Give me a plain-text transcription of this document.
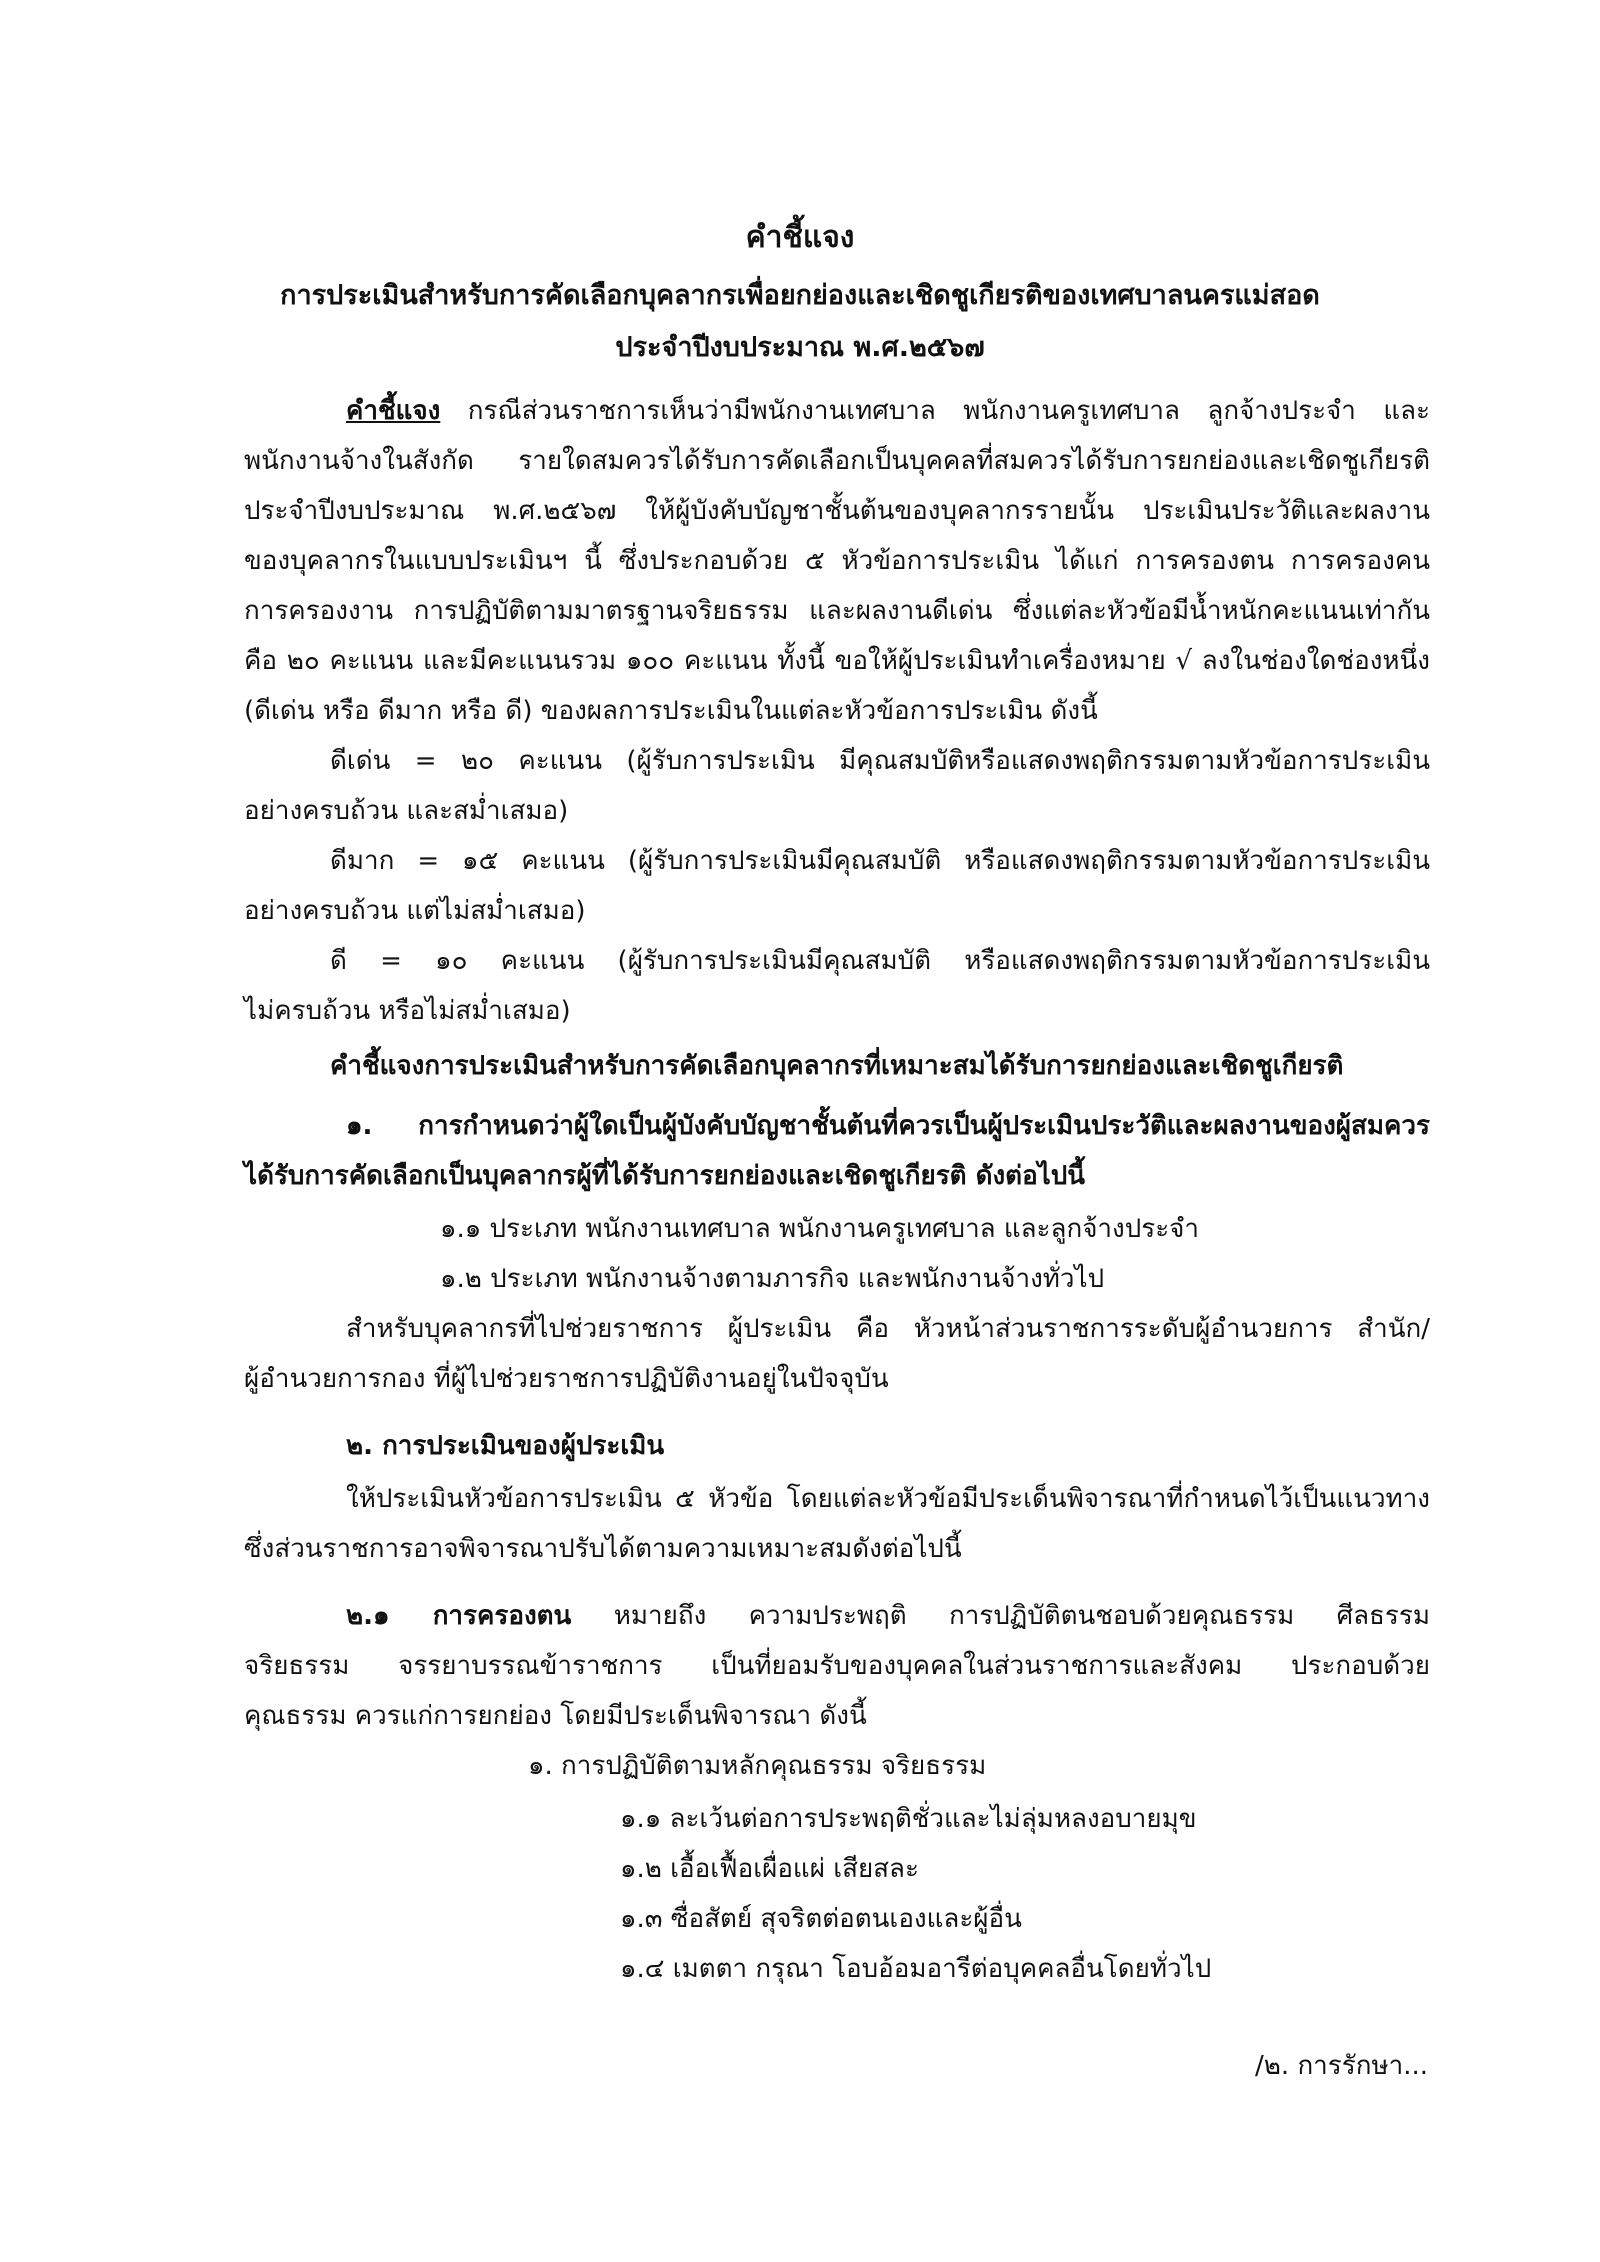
คำชี้แจง
การประเมินสำหรับการคัดเลือกบุคลากรเพื่อยกย่องและเชิดชูเกียรติของเทศบาลนครแม่สอด
ประจำปีงบประมาณ พ.ศ.๒๕๖๗
คำชี้แจง กรณีส่วนราชการเห็นว่ามีพนักงานเทศบาล พนักงานครูเทศบาล ลูกจ้างประจำ และ
พนักงานจ้างในสังกัด รายใดสมควรได้รับการคัดเลือกเป็นบุคคลที่สมควรได้รับการยกย่องและเชิดชูเกียรติ
ประจำปีงบประมาณ พ.ศ.๒๕๖๗ ให้ผู้บังคับบัญชาชั้นต้นของบุคลากรรายนั้น ประเมินประวัติและผลงาน
ของบุคลากรในแบบประเมินฯ นี้ ซึ่งประกอบด้วย ๕ หัวข้อการประเมิน ได้แก่ การครองตน การครองคน
การครองงาน การปฏิบัติตามมาตรฐานจริยธรรม และผลงานดีเด่น ซึ่งแต่ละหัวข้อมีน้ำหนักคะแนนเท่ากัน
คือ ๒๐ คะแนน และมีคะแนนรวม ๑๐๐ คะแนน ทั้งนี้ ขอให้ผู้ประเมินทำเครื่องหมาย √ ลงในช่องใดช่องหนึ่ง
(ดีเด่น หรือ ดีมาก หรือ ดี) ของผลการประเมินในแต่ละหัวข้อการประเมิน ดังนี้
ดีเด่น = ๒๐ คะแนน (ผู้รับการประเมิน มีคุณสมบัติหรือแสดงพฤติกรรมตามหัวข้อการประเมิน
อย่างครบถ้วน และสม่ำเสมอ)
ดีมาก = ๑๕ คะแนน (ผู้รับการประเมินมีคุณสมบัติ หรือแสดงพฤติกรรมตามหัวข้อการประเมิน
อย่างครบถ้วน แต่ไม่สม่ำเสมอ)
ดี = ๑๐ คะแนน (ผู้รับการประเมินมีคุณสมบัติ หรือแสดงพฤติกรรมตามหัวข้อการประเมิน
ไม่ครบถ้วน หรือไม่สม่ำเสมอ)
คำชี้แจงการประเมินสำหรับการคัดเลือกบุคลากรที่เหมาะสมได้รับการยกย่องและเชิดชูเกียรติ
๑. การกำหนดว่าผู้ใดเป็นผู้บังคับบัญชาชั้นต้นที่ควรเป็นผู้ประเมินประวัติและผลงานของผู้สมควร
ได้รับการคัดเลือกเป็นบุคลากรผู้ที่ได้รับการยกย่องและเชิดชูเกียรติ ดังต่อไปนี้
๑.๑ ประเภท พนักงานเทศบาล พนักงานครูเทศบาล และลูกจ้างประจำ
๑.๒ ประเภท พนักงานจ้างตามภารกิจ และพนักงานจ้างทั่วไป
สำหรับบุคลากรที่ไปช่วยราชการ ผู้ประเมิน คือ หัวหน้าส่วนราชการระดับผู้อำนวยการ สำนัก/
ผู้อำนวยการกอง ที่ผู้ไปช่วยราชการปฏิบัติงานอยู่ในปัจจุบัน
๒. การประเมินของผู้ประเมิน
ให้ประเมินหัวข้อการประเมิน ๕ หัวข้อ โดยแต่ละหัวข้อมีประเด็นพิจารณาที่กำหนดไว้เป็นแนวทาง
ซึ่งส่วนราชการอาจพิจารณาปรับได้ตามความเหมาะสมดังต่อไปนี้
๒.๑ การครองตน หมายถึง ความประพฤติ การปฏิบัติตนชอบด้วยคุณธรรม ศีลธรรม
จริยธรรม จรรยาบรรณข้าราชการ เป็นที่ยอมรับของบุคคลในส่วนราชการและสังคม ประกอบด้วย
คุณธรรม ควรแก่การยกย่อง โดยมีประเด็นพิจารณา ดังนี้
๑. การปฏิบัติตามหลักคุณธรรม จริยธรรม
๑.๑ ละเว้นต่อการประพฤติชั่วและไม่ลุ่มหลงอบายมุข
๑.๒ เอื้อเฟื้อเผื่อแผ่ เสียสละ
๑.๓ ซื่อสัตย์ สุจริตต่อตนเองและผู้อื่น
๑.๔ เมตตา กรุณา โอบอ้อมอารีต่อบุคคลอื่นโดยทั่วไป
/๒. การรักษา...
